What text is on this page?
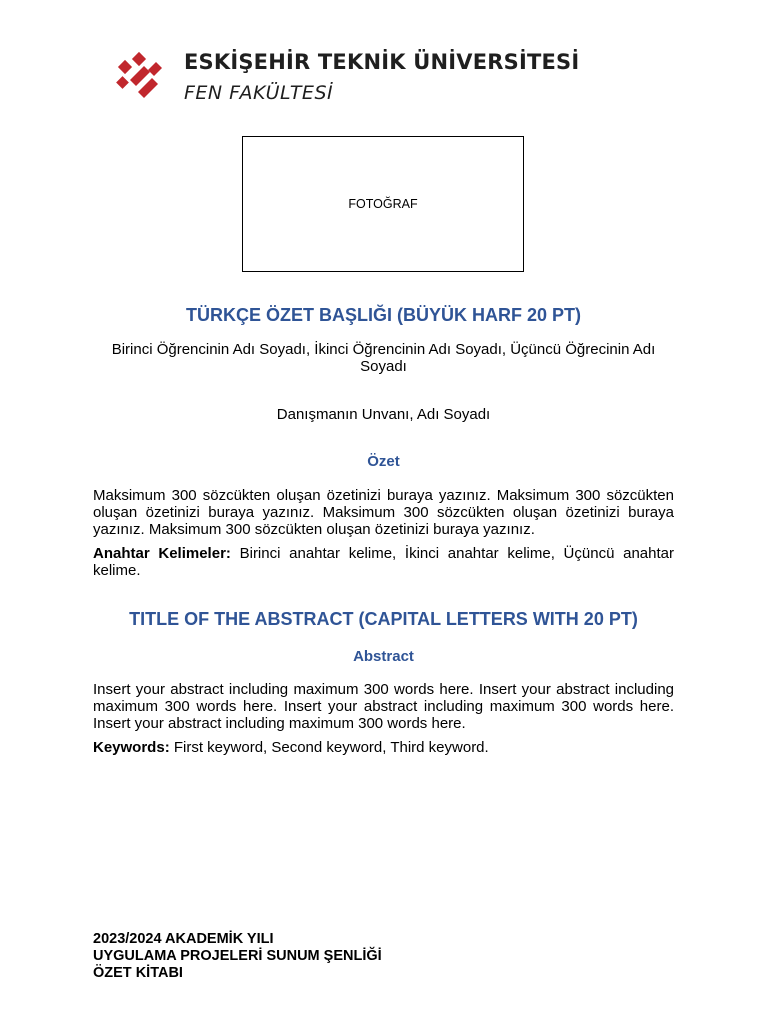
ESKİŞEHİR TEKNİK ÜNİVERSİTESİ
FEN FAKÜLTESİ
FOTOĞRAF
TÜRKÇE ÖZET BAŞLIĞI (BÜYÜK HARF 20 PT)
Birinci Öğrencinin Adı Soyadı, İkinci Öğrencinin Adı Soyadı, Üçüncü Öğrecinin Adı Soyadı
Danışmanın Unvanı, Adı Soyadı
Özet

Maksimum 300 sözcükten oluşan özetinizi buraya yazınız. Maksimum 300 sözcükten oluşan özetinizi buraya yazınız. Maksimum 300 sözcükten oluşan özetinizi buraya yazınız. Maksimum 300 sözcükten oluşan özetinizi buraya yazınız.

Anahtar Kelimeler: Birinci anahtar kelime, İkinci anahtar kelime, Üçüncü anahtar kelime.

TITLE OF THE ABSTRACT (CAPITAL LETTERS WITH 20 PT)
Abstract

Insert your abstract including maximum 300 words here. Insert your abstract including maximum 300 words here. Insert your abstract including maximum 300 words here. Insert your abstract including maximum 300 words here.

Keywords: First keyword, Second keyword, Third keyword.

2023/2024 AKADEMİK YILI
UYGULAMA PROJELERİ SUNUM ŞENLİĞİ
ÖZET KİTABI
